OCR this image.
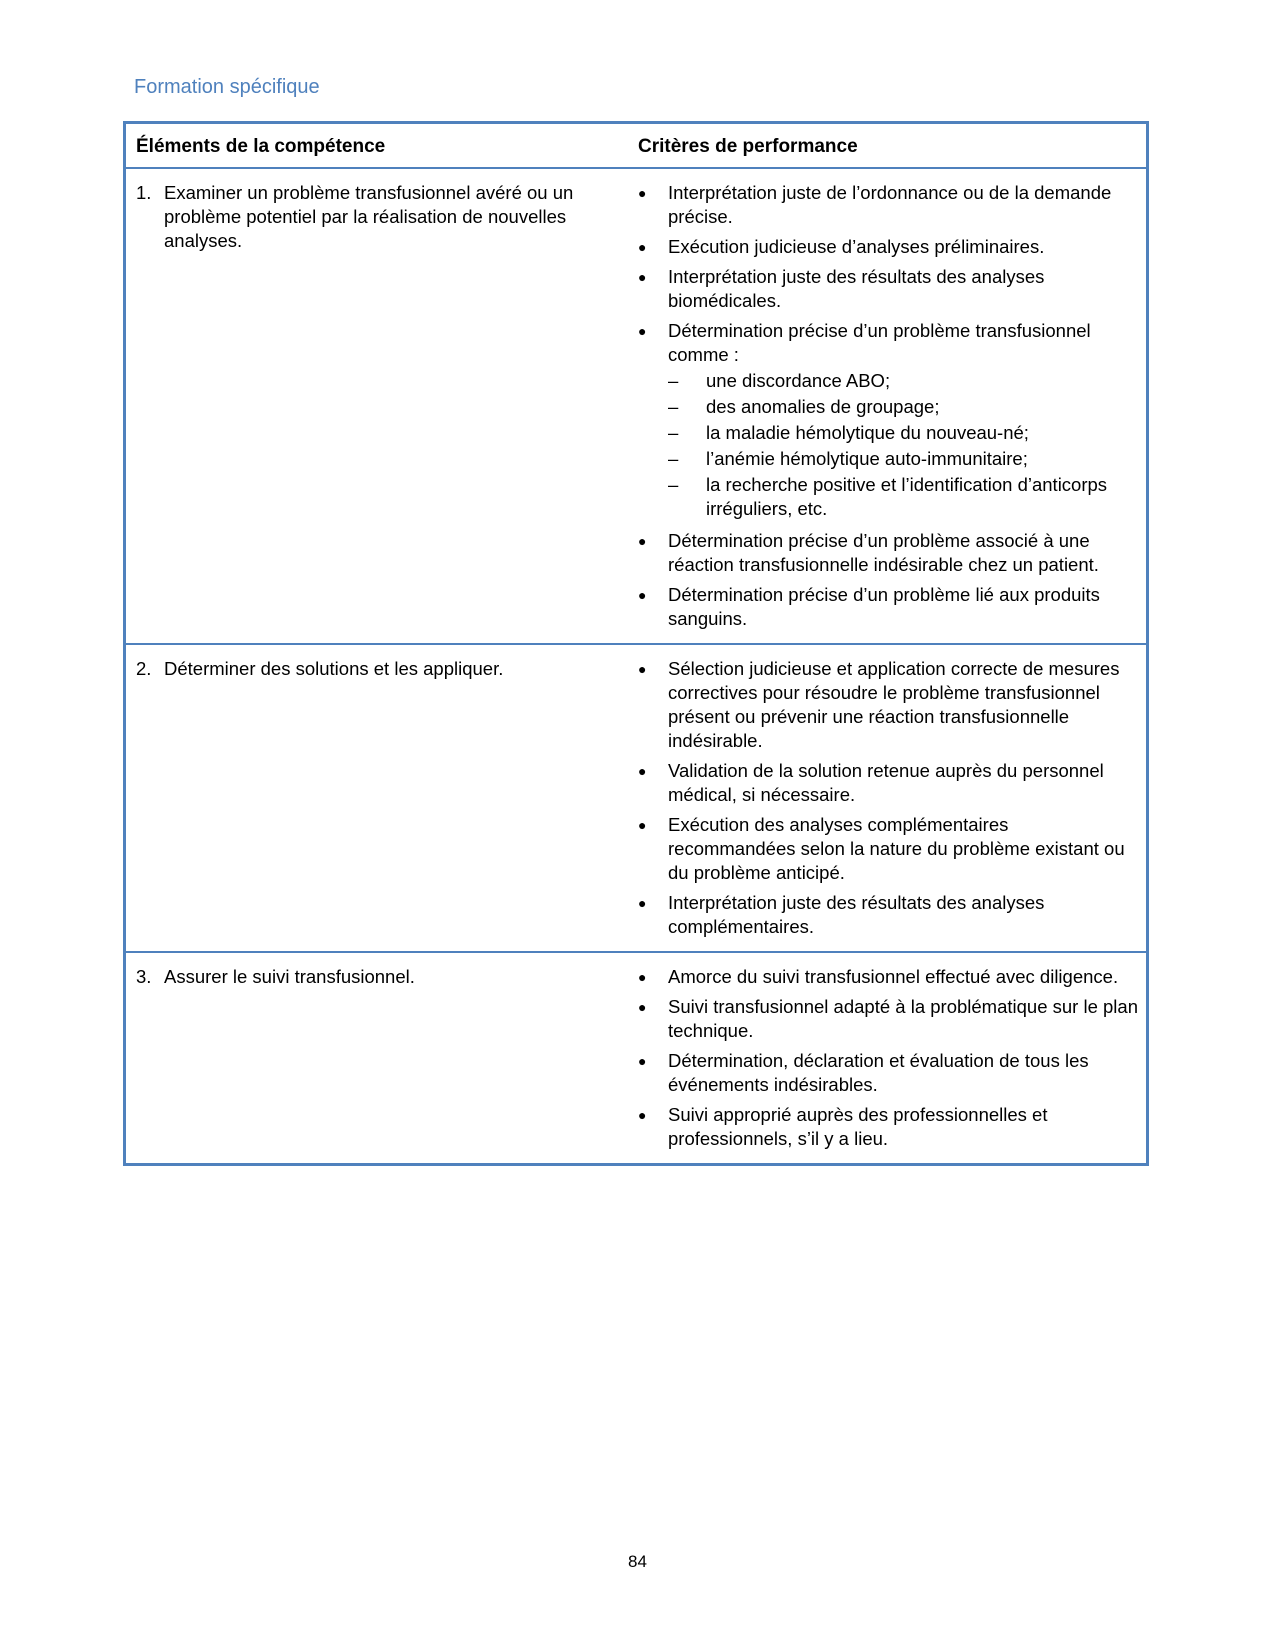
Formation spécifique
Éléments de la compétence	Critères de performance
1. Examiner un problème transfusionnel avéré ou un problème potentiel par la réalisation de nouvelles analyses.
●	Interprétation juste de l’ordonnance ou de la demande précise.
●	Exécution judicieuse d’analyses préliminaires.
●	Interprétation juste des résultats des analyses biomédicales.
●	Détermination précise d’un problème transfusionnel comme :
–	une discordance ABO;
–	des anomalies de groupage;
–	la maladie hémolytique du nouveau-né;
–	l’anémie hémolytique auto-immunitaire;
–	la recherche positive et l’identification d’anticorps irréguliers, etc.
●	Détermination précise d’un problème associé à une réaction transfusionnelle indésirable chez un patient.
●	Détermination précise d’un problème lié aux produits sanguins.
2. Déterminer des solutions et les appliquer.	●	Sélection judicieuse et application correcte de mesures correctives pour résoudre le problème transfusionnel présent ou prévenir une réaction transfusionnelle indésirable.
●	Validation de la solution retenue auprès du personnel médical, si nécessaire.
●	Exécution des analyses complémentaires recommandées selon la nature du problème existant ou du problème anticipé.
●	Interprétation juste des résultats des analyses complémentaires.
3. Assurer le suivi transfusionnel.	●	Amorce du suivi transfusionnel effectué avec diligence.
●	Suivi transfusionnel adapté à la problématique sur le plan technique.
●	Détermination, déclaration et évaluation de tous les événements indésirables.
●	Suivi approprié auprès des professionnelles et professionnels, s’il y a lieu.
84
